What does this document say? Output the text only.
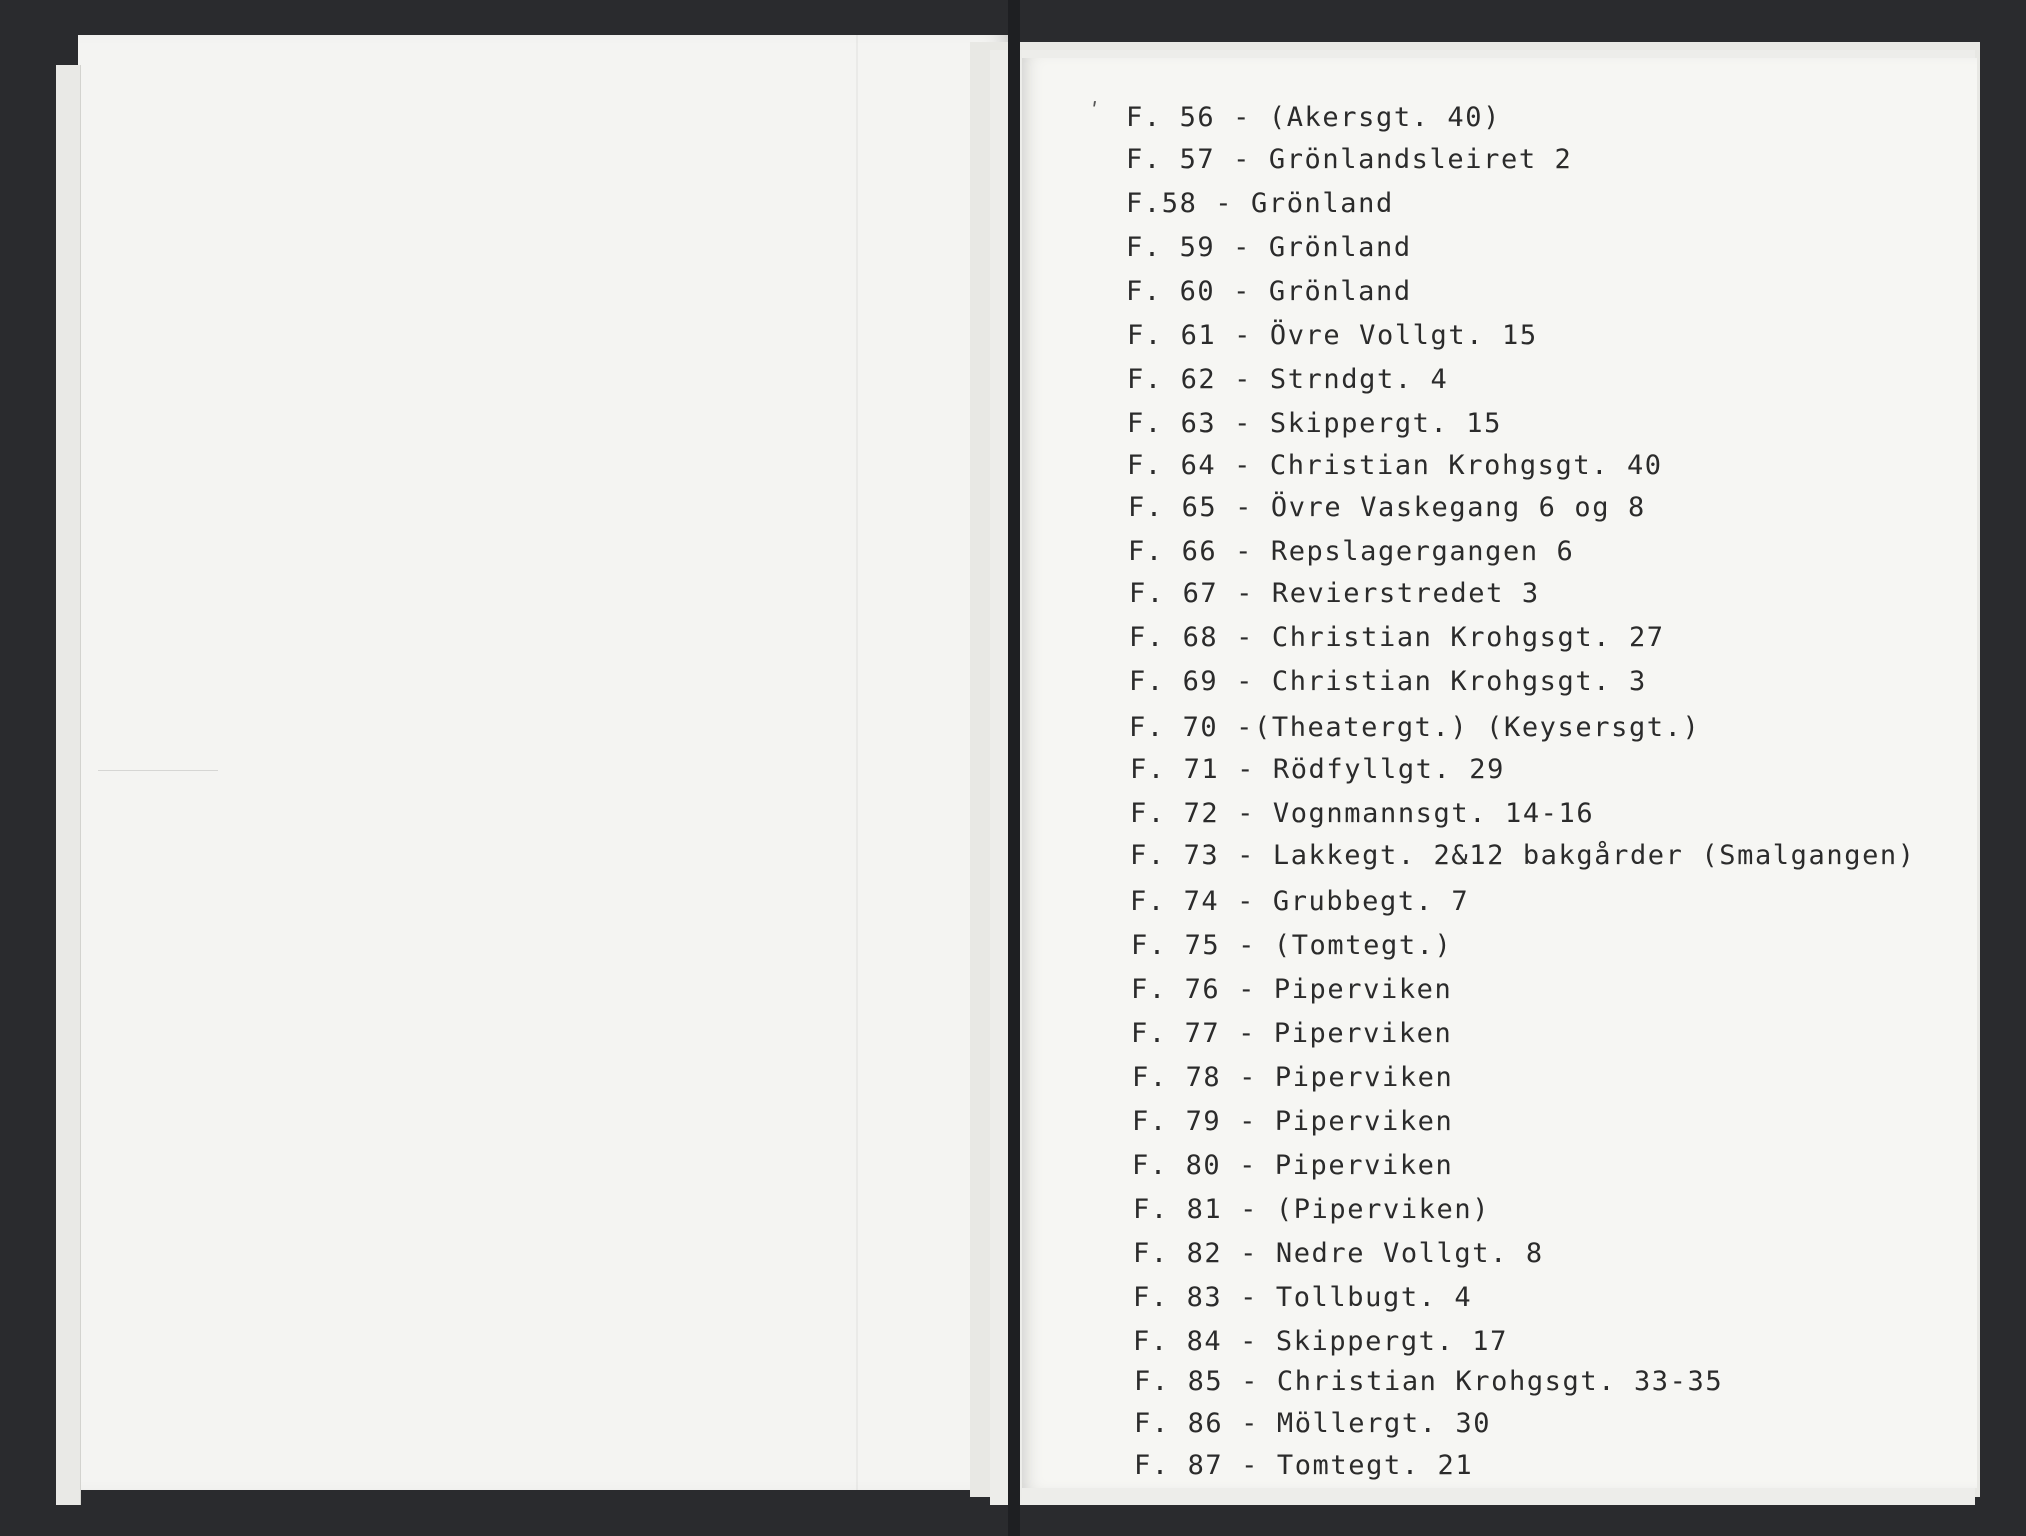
ʹ F. 56 - (Akersgt. 40)
F. 57 - Grönlandsleiret 2
F.58 - Grönland
F. 59 - Grönland
F. 60 - Grönland
F. 61 - Övre Vollgt. 15
F. 62 - Strndgt. 4
F. 63 - Skippergt. 15
F. 64 - Christian Krohgsgt. 40
F. 65 - Övre Vaskegang 6 og 8
F. 66 - Repslagergangen 6
F. 67 - Revierstredet 3
F. 68 - Christian Krohgsgt. 27
F. 69 - Christian Krohgsgt. 3
F. 70 -(Theatergt.) (Keysersgt.)
F. 71 - Rödfyllgt. 29
F. 72 - Vognmannsgt. 14-16
F. 73 - Lakkegt. 2&12 bakgårder (Smalgangen)
F. 74 - Grubbegt. 7
F. 75 - (Tomtegt.)
F. 76 - Piperviken
F. 77 - Piperviken
F. 78 - Piperviken
F. 79 - Piperviken
F. 80 - Piperviken
F. 81 - (Piperviken)
F. 82 - Nedre Vollgt. 8
F. 83 - Tollbugt. 4
F. 84 - Skippergt. 17
F. 85 - Christian Krohgsgt. 33-35
F. 86 - Möllergt. 30
F. 87 - Tomtegt. 21
